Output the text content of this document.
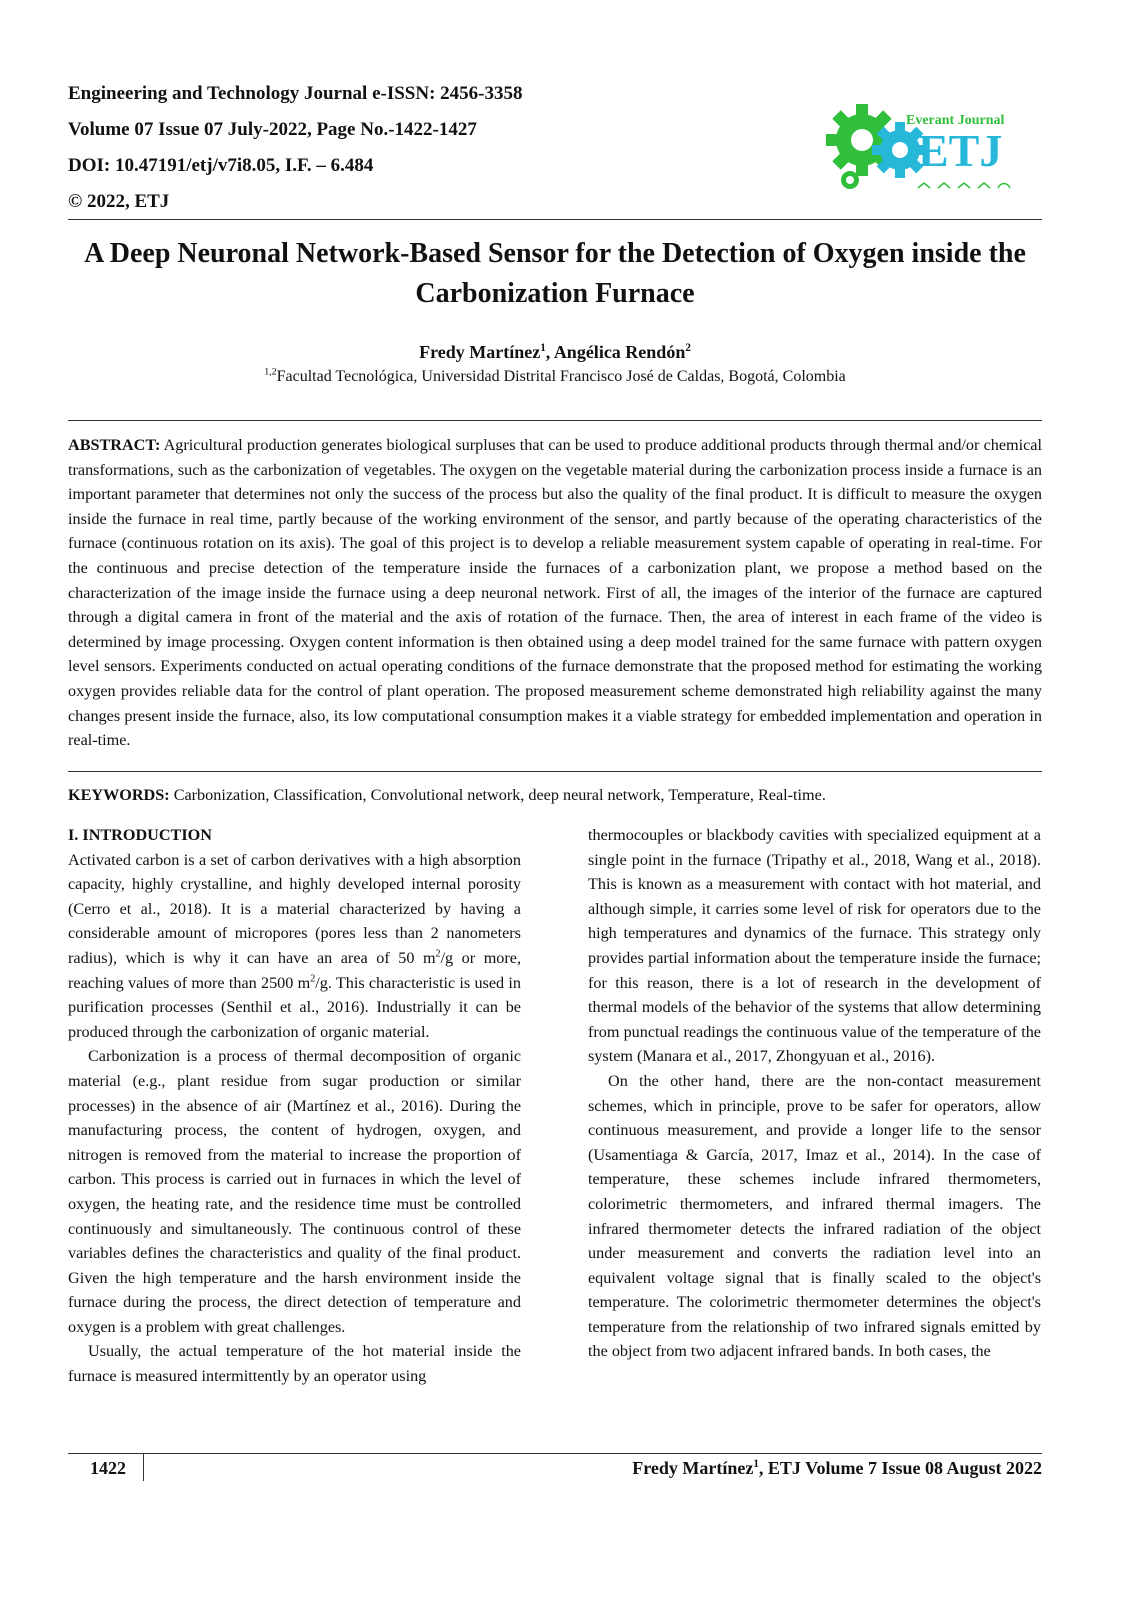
Engineering and Technology Journal e-ISSN: 2456-3358
Volume 07 Issue 07 July-2022, Page No.-1422-1427
DOI: 10.47191/etj/v7i8.05, I.F. – 6.484
© 2022, ETJ
Everant Journal
ETJ
A Deep Neuronal Network-Based Sensor for the Detection of Oxygen inside the Carbonization Furnace
Fredy Martínez$^1$, Angélica Rendón$^2$
$^{1,2}$Facultad Tecnológica, Universidad Distrital Francisco José de Caldas, Bogotá, Colombia

ABSTRACT: Agricultural production generates biological surpluses that can be used to produce additional products through thermal and/or chemical transformations, such as the carbonization of vegetables. The oxygen on the vegetable material during the carbonization process inside a furnace is an important parameter that determines not only the success of the process but also the quality of the final product. It is difficult to measure the oxygen inside the furnace in real time, partly because of the working environment of the sensor, and partly because of the operating characteristics of the furnace (continuous rotation on its axis). The goal of this project is to develop a reliable measurement system capable of operating in real-time. For the continuous and precise detection of the temperature inside the furnaces of a carbonization plant, we propose a method based on the characterization of the image inside the furnace using a deep neuronal network. First of all, the images of the interior of the furnace are captured through a digital camera in front of the material and the axis of rotation of the furnace. Then, the area of interest in each frame of the video is determined by image processing. Oxygen content information is then obtained using a deep model trained for the same furnace with pattern oxygen level sensors. Experiments conducted on actual operating conditions of the furnace demonstrate that the proposed method for estimating the working oxygen provides reliable data for the control of plant operation. The proposed measurement scheme demonstrated high reliability against the many changes present inside the furnace, also, its low computational consumption makes it a viable strategy for embedded implementation and operation in real-time.

KEYWORDS: Carbonization, Classification, Convolutional network, deep neural network, Temperature, Real-time.

I. INTRODUCTION

Activated carbon is a set of carbon derivatives with a high absorption capacity, highly crystalline, and highly developed internal porosity (Cerro et al., 2018). It is a material characterized by having a considerable amount of micropores (pores less than 2 nanometers radius), which is why it can have an area of 50 $m^2/g$ or more, reaching values of more than 2500 $m^2/g$. This characteristic is used in purification processes (Senthil et al., 2016). Industrially it can be produced through the carbonization of organic material.

Carbonization is a process of thermal decomposition of organic material (e.g., plant residue from sugar production or similar processes) in the absence of air (Martínez et al., 2016). During the manufacturing process, the content of hydrogen, oxygen, and nitrogen is removed from the material to increase the proportion of carbon. This process is carried out in furnaces in which the level of oxygen, the heating rate, and the residence time must be controlled continuously and simultaneously. The continuous control of these variables defines the characteristics and quality of the final product. Given the high temperature and the harsh environment inside the furnace during the process, the direct detection of temperature and oxygen is a problem with great challenges.

Usually, the actual temperature of the hot material inside the furnace is measured intermittently by an operator using

thermocouples or blackbody cavities with specialized equipment at a single point in the furnace (Tripathy et al., 2018, Wang et al., 2018). This is known as a measurement with contact with hot material, and although simple, it carries some level of risk for operators due to the high temperatures and dynamics of the furnace. This strategy only provides partial information about the temperature inside the furnace; for this reason, there is a lot of research in the development of thermal models of the behavior of the systems that allow determining from punctual readings the continuous value of the temperature of the system (Manara et al., 2017, Zhongyuan et al., 2016).

On the other hand, there are the non-contact measurement schemes, which in principle, prove to be safer for operators, allow continuous measurement, and provide a longer life to the sensor (Usamentiaga & García, 2017, Imaz et al., 2014). In the case of temperature, these schemes include infrared thermometers, colorimetric thermometers, and infrared thermal imagers. The infrared thermometer detects the infrared radiation of the object under measurement and converts the radiation level into an equivalent voltage signal that is finally scaled to the object's temperature. The colorimetric thermometer determines the object's temperature from the relationship of two infrared signals emitted by the object from two adjacent infrared bands. In both cases, the

1422	Fredy Martínez$^1$, ETJ Volume 7 Issue 08 August 2022
